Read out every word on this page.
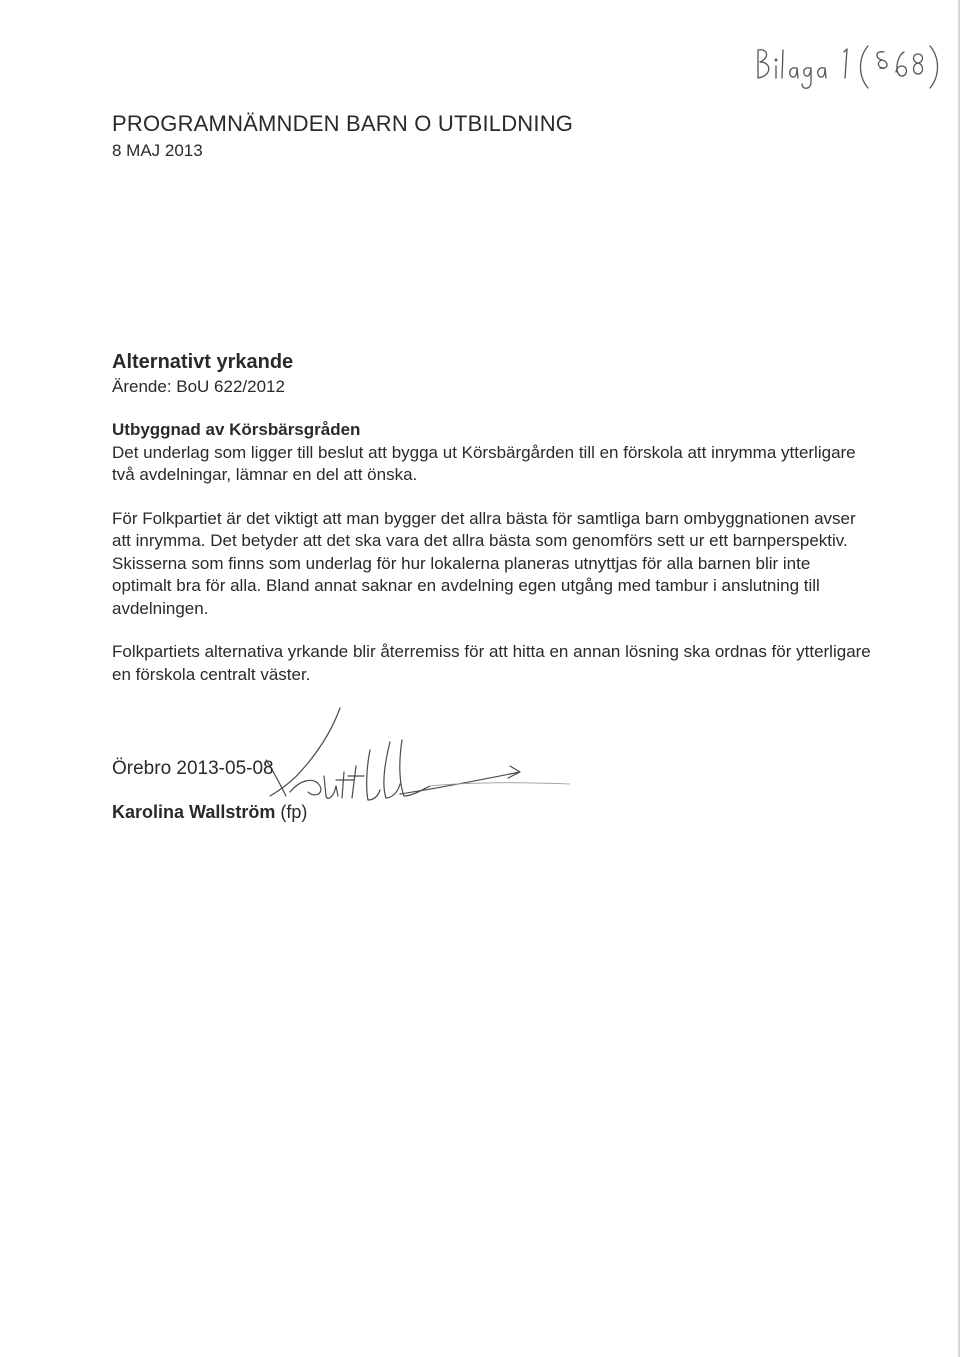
PROGRAMNÄMNDEN BARN O UTBILDNING

8 MAJ 2013

Alternativt yrkande

Ärende: BoU 622/2012

Utbyggnad av Körsbärsgråden

Det underlag som ligger till beslut att bygga ut Körsbärgården till en förskola att inrymma ytterligare två avdelningar, lämnar en del att önska.

För Folkpartiet är det viktigt att man bygger det allra bästa för samtliga barn ombyggnationen avser att inrymma. Det betyder att det ska vara det allra bästa som genomförs sett ur ett barnperspektiv. Skisserna som finns som underlag för hur lokalerna planeras utnyttjas för alla barnen blir inte optimalt bra för alla. Bland annat saknar en avdelning egen utgång med tambur i anslutning till avdelningen.

Folkpartiets alternativa yrkande blir återremiss för att hitta en annan lösning ska ordnas för ytterligare en förskola centralt väster.

Örebro 2013-05-08
Karolina Wallström (fp)
